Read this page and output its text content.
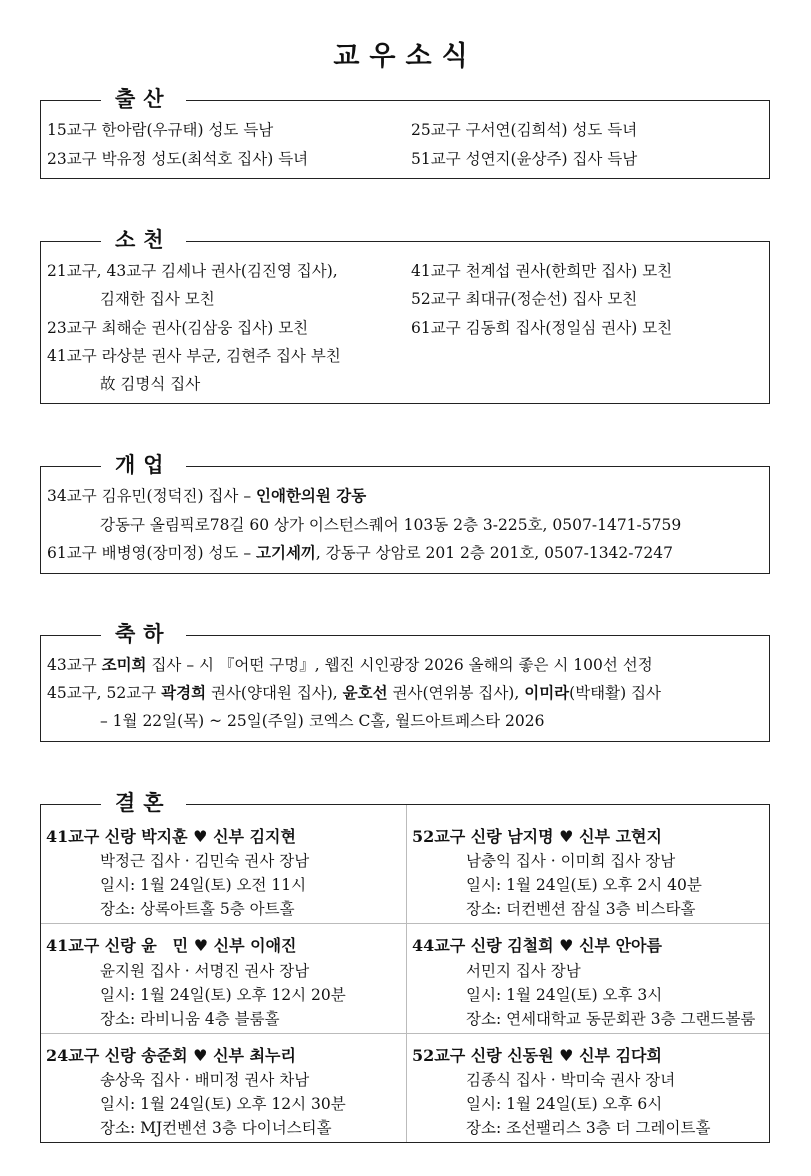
교우소식
출산
15교구 한아람(우규태) 성도 득남
23교구 박유정 성도(최석호 집사) 득녀
25교구 구서연(김희석) 성도 득녀
51교구 성연지(윤상주) 집사 득남
소천
21교구, 43교구 김세나 권사(김진영 집사),
김재한 집사 모친
23교구 최해순 권사(김삼웅 집사) 모친
41교구 라상분 권사 부군, 김현주 집사 부친
故 김명식 집사
41교구 천계섭 권사(한희만 집사) 모친
52교구 최대규(정순선) 집사 모친
61교구 김동희 집사(정일심 권사) 모친
개업
34교구 김유민(정덕진) 집사 – 인애한의원 강동
강동구 올림픽로78길 60 상가 이스턴스퀘어 103동 2층 3-225호, 0507-1471-5759
61교구 배병영(장미정) 성도 – 고기세끼, 강동구 상암로 201 2층 201호, 0507-1342-7247
축하
43교구 조미희 집사 – 시 『어떤 구멍』, 웹진 시인광장 2026 올해의 좋은 시 100선 선정
45교구, 52교구 곽경희 권사(양대원 집사), 윤호선 권사(연위봉 집사), 이미라(박태활) 집사
– 1월 22일(목) ~ 25일(주일) 코엑스 C홀, 월드아트페스타 2026
결혼
41교구 신랑 박지훈 ♥ 신부 김지현
박정근 집사 · 김민숙 권사 장남
일시: 1월 24일(토) 오전 11시
장소: 상록아트홀 5층 아트홀
52교구 신랑 남지명 ♥ 신부 고현지
남충익 집사 · 이미희 집사 장남
일시: 1월 24일(토) 오후 2시 40분
장소: 더컨벤션 잠실 3층 비스타홀
41교구 신랑 윤　민 ♥ 신부 이애진
윤지원 집사 · 서명진 권사 장남
일시: 1월 24일(토) 오후 12시 20분
장소: 라비니움 4층 블룸홀
44교구 신랑 김철희 ♥ 신부 안아름
서민지 집사 장남
일시: 1월 24일(토) 오후 3시
장소: 연세대학교 동문회관 3층 그랜드볼룸
24교구 신랑 송준회 ♥ 신부 최누리
송상욱 집사 · 배미정 권사 차남
일시: 1월 24일(토) 오후 12시 30분
장소: MJ컨벤션 3층 다이너스티홀
52교구 신랑 신동원 ♥ 신부 김다희
김종식 집사 · 박미숙 권사 장녀
일시: 1월 24일(토) 오후 6시
장소: 조선팰리스 3층 더 그레이트홀
